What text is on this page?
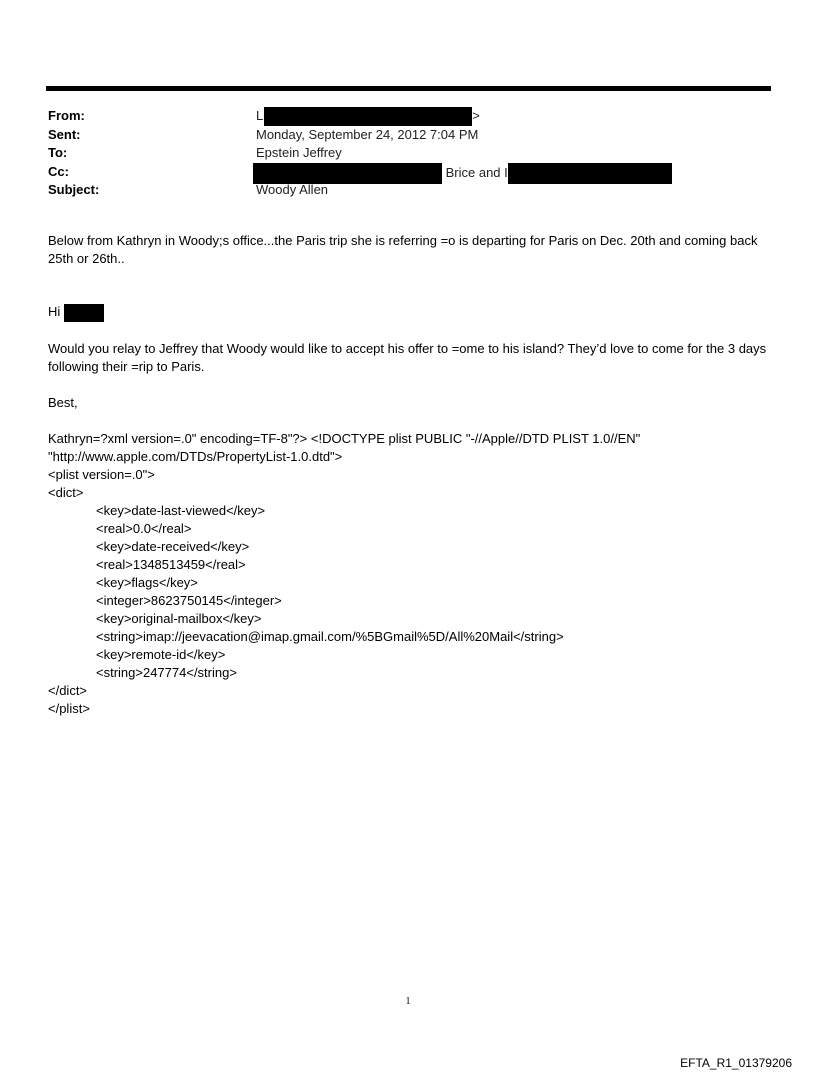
From:	L	>
Sent:	Monday, September 24, 2012 7:04 PM
To:	Epstein Jeffrey
Cc:	Brice and I
Subject:	Woody Allen

Below from Kathryn in Woody;s office...the Paris trip she is referring =o is departing for Paris on Dec. 20th and coming back 25th or 26th..

Hi

Would you relay to Jeffrey that Woody would like to accept his offer to =ome to his island? They’d love to come for the 3 days following their =rip to Paris.

Best,

Kathryn=?xml version=.0" encoding=TF-8"?> <!DOCTYPE plist PUBLIC "-//Apple//DTD PLIST 1.0//EN"

"http://www.apple.com/DTDs/PropertyList-1.0.dtd">

<plist version=.0">

<dict>

<key>date-last-viewed</key>

<real>0.0</real>

<key>date-received</key>

<real>1348513459</real>

<key>flags</key>

<integer>8623750145</integer>

<key>original-mailbox</key>

<string>imap://jeevacation@imap.gmail.com/%5BGmail%5D/All%20Mail</string>

<key>remote-id</key>

<string>247774</string>

</dict>

</plist>

1
EFTA_R1_01379206
